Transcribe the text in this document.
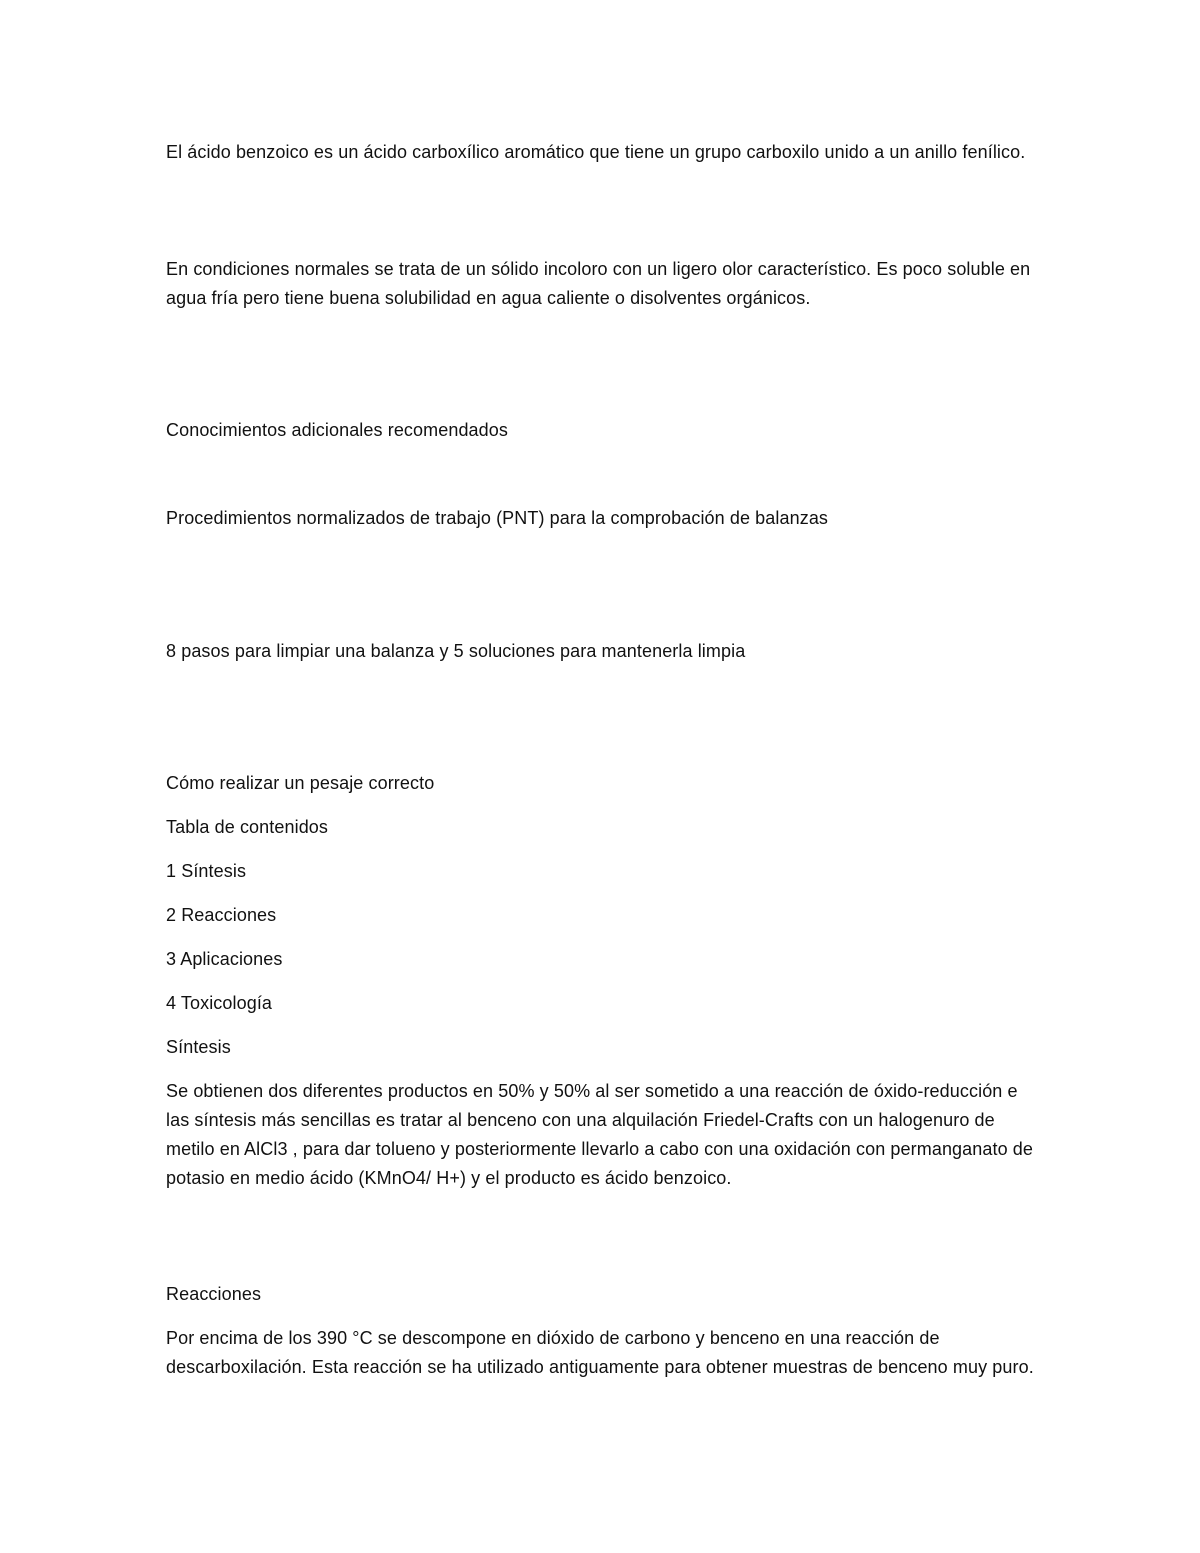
El ácido benzoico es un ácido carboxílico aromático que tiene un grupo carboxilo unido a un anillo fenílico.

En condiciones normales se trata de un sólido incoloro con un ligero olor característico. Es poco soluble en agua fría pero tiene buena solubilidad en agua caliente o disolventes orgánicos.

Conocimientos adicionales recomendados

Procedimientos normalizados de trabajo (PNT) para la comprobación de balanzas

8 pasos para limpiar una balanza y 5 soluciones para mantenerla limpia

Cómo realizar un pesaje correcto

Tabla de contenidos

1 Síntesis

2 Reacciones

3 Aplicaciones

4 Toxicología

Síntesis

Se obtienen dos diferentes productos en 50% y 50% al ser sometido a una reacción de óxido-reducción e las síntesis más sencillas es tratar al benceno con una alquilación Friedel-Crafts con un halogenuro de metilo en AlCl3 , para dar tolueno y posteriormente llevarlo a cabo con una oxidación con permanganato de potasio en medio ácido (KMnO4/ H+) y el producto es ácido benzoico.

Reacciones

Por encima de los 390 °C se descompone en dióxido de carbono y benceno en una reacción de descarboxilación. Esta reacción se ha utilizado antiguamente para obtener muestras de benceno muy puro.
